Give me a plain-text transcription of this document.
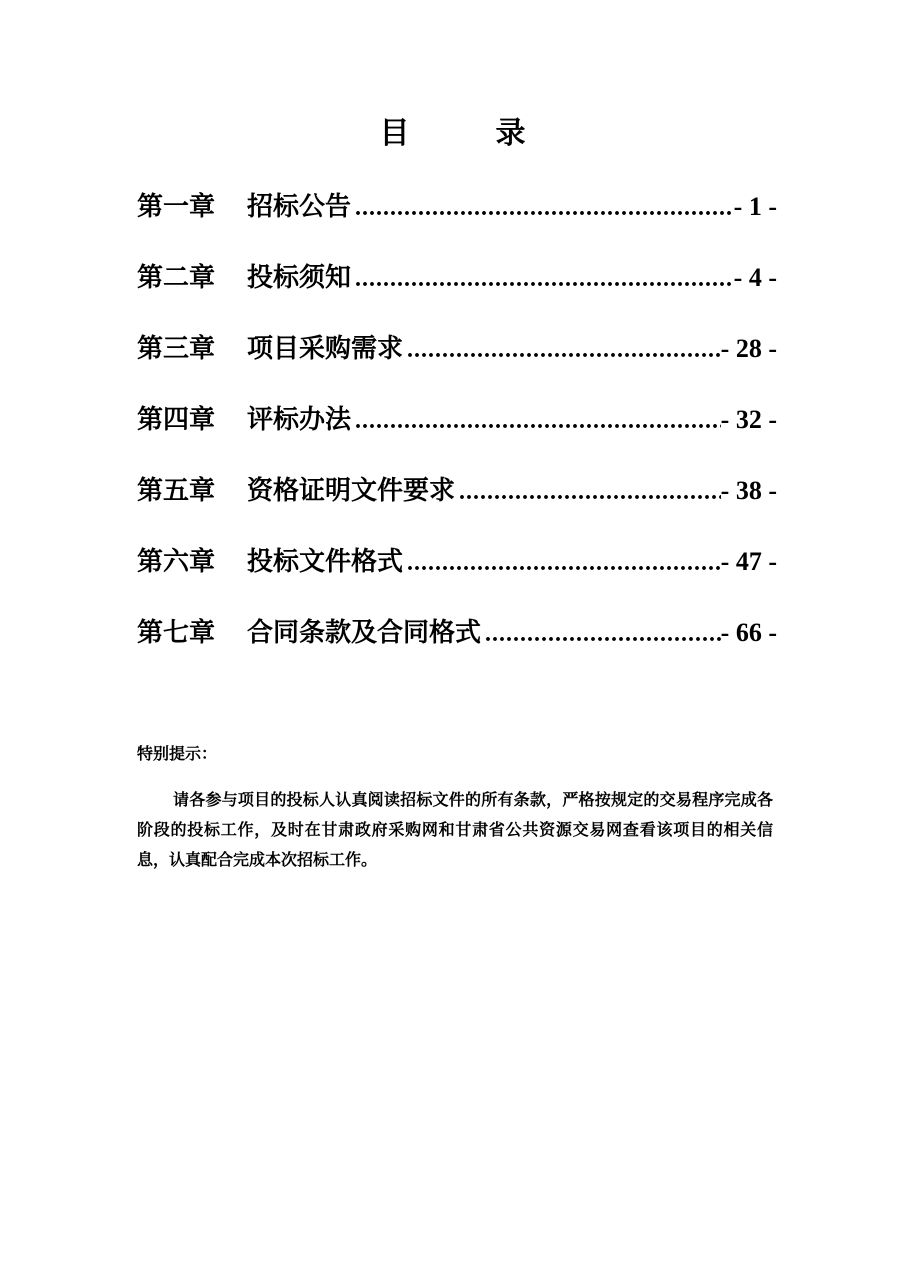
目　录
第一章	招标公告 .....	- 1 -
第二章	投标须知 .....	- 4 -
第三章	项目采购需求 .....	- 28 -
第四章	评标办法 .....	- 32 -
第五章	资格证明文件要求 .....	- 38 -
第六章	投标文件格式 .....	- 47 -
第七章	合同条款及合同格式 .....	- 66 -
特别提示：

请各参与项目的投标人认真阅读招标文件的所有条款，严格按规定的交易程序完成各阶段的投标工作，及时在甘肃政府采购网和甘肃省公共资源交易网查看该项目的相关信息，认真配合完成本次招标工作。
